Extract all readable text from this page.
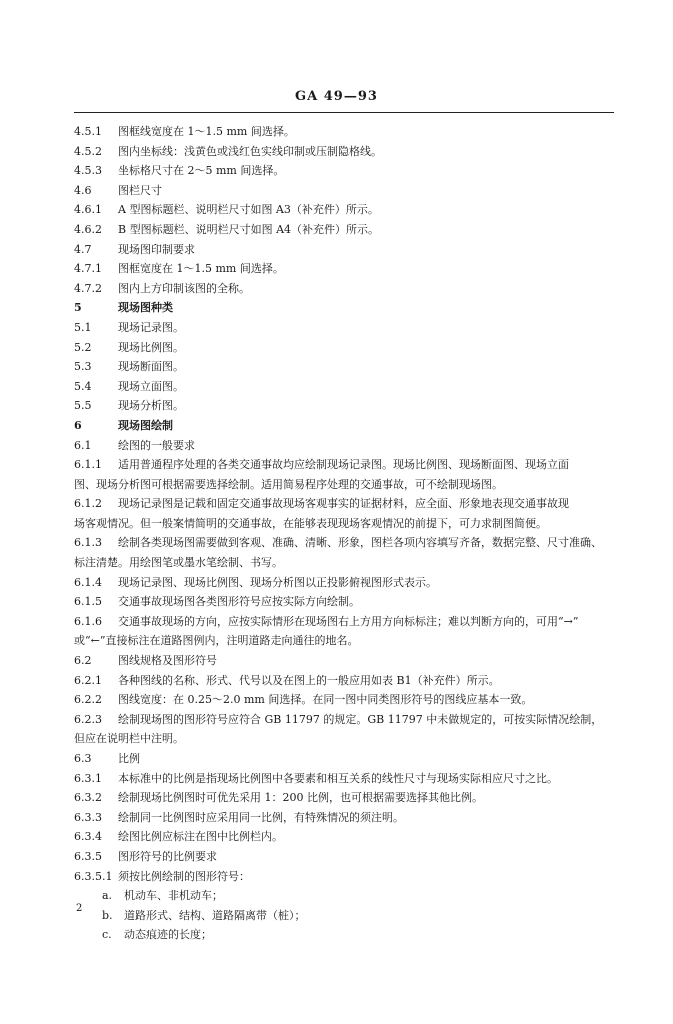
GA 49—93
4.5.1 图框线宽度在 1～1.5 mm 间选择。
4.5.2 图内坐标线：浅黄色或浅红色实线印制或压制隐格线。
4.5.3 坐标格尺寸在 2～5 mm 间选择。
4.6 图栏尺寸
4.6.1 A 型图标题栏、说明栏尺寸如图 A3（补充件）所示。
4.6.2 B 型图标题栏、说明栏尺寸如图 A4（补充件）所示。
4.7 现场图印制要求
4.7.1 图框宽度在 1～1.5 mm 间选择。
4.7.2 图内上方印制该图的全称。
5	现场图种类
5.1 现场记录图。
5.2 现场比例图。
5.3 现场断面图。
5.4 现场立面图。
5.5 现场分析图。
6	现场图绘制
6.1 绘图的一般要求
6.1.1 适用普通程序处理的各类交通事故均应绘制现场记录图。现场比例图、现场断面图、现场立面
图、现场分析图可根据需要选择绘制。适用简易程序处理的交通事故，可不绘制现场图。
6.1.2 现场记录图是记载和固定交通事故现场客观事实的证据材料，应全面、形象地表现交通事故现
场客观情况。但一般案情简明的交通事故，在能够表现现场客观情况的前提下，可力求制图简便。
6.1.3 绘制各类现场图需要做到客观、准确、清晰、形象，图栏各项内容填写齐备，数据完整、尺寸准确、
标注清楚。用绘图笔或墨水笔绘制、书写。
6.1.4 现场记录图、现场比例图、现场分析图以正投影俯视图形式表示。
6.1.5 交通事故现场图各类图形符号应按实际方向绘制。
6.1.6 交通事故现场的方向，应按实际情形在现场图右上方用方向标标注；难以判断方向的，可用“→”
或“←”直接标注在道路图例内，注明道路走向通往的地名。
6.2 图线规格及图形符号
6.2.1 各种图线的名称、形式、代号以及在图上的一般应用如表 B1（补充件）所示。
6.2.2 图线宽度：在 0.25～2.0 mm 间选择。在同一图中同类图形符号的图线应基本一致。
6.2.3 绘制现场图的图形符号应符合 GB 11797 的规定。GB 11797 中未做规定的，可按实际情况绘制，
但应在说明栏中注明。
6.3 比例
6.3.1 本标准中的比例是指现场比例图中各要素和相互关系的线性尺寸与现场实际相应尺寸之比。
6.3.2 绘制现场比例图时可优先采用 1：200 比例，也可根据需要选择其他比例。
6.3.3 绘制同一比例图时应采用同一比例，有特殊情况的须注明。
6.3.4 绘图比例应标注在图中比例栏内。
6.3.5 图形符号的比例要求
6.3.5.1 须按比例绘制的图形符号：
a. 机动车、非机动车；
b. 道路形式、结构、道路隔离带（桩）；
c. 动态痕迹的长度；
2
